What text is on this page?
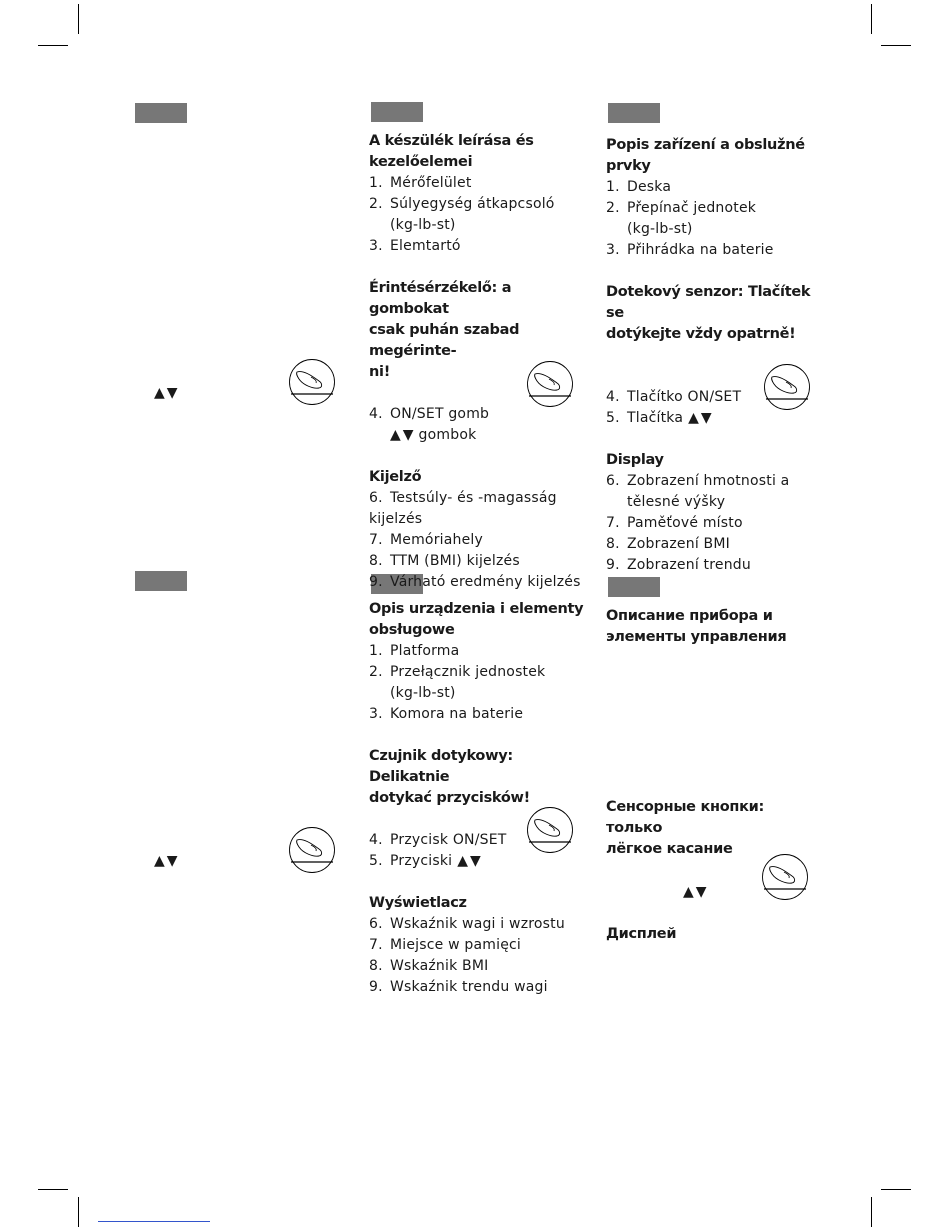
▲▼
▲▼
A készülék leírása és
kezelőelemei
1. Mérőfelület
2. Súlyegység átkapcsoló
(kg-lb-st)
3. Elemtartó
Érintésérzékelő: a gombokat
csak puhán szabad megérinte-
ni!
4. ON/SET gomb
▲▼ gombok
Kijelző
6. Testsúly- és -magasság
kijelzés
7. Memóriahely
8. TTM (BMI) kijelzés
9. Várható eredmény kijelzés
Popis zařízení a obslužné
prvky
1. Deska
2. Přepínač jednotek
(kg-lb-st)
3. Přihrádka na baterie
Dotekový senzor: Tlačítek se
dotýkejte vždy opatrně!
4. Tlačítko ON/SET
5. Tlačítka ▲▼
Display
6. Zobrazení hmotnosti a
tělesné výšky
7. Paměťové místo
8. Zobrazení BMI
9. Zobrazení trendu
Opis urządzenia i elementy
obsługowe
1. Platforma
2. Przełącznik jednostek
(kg-lb-st)
3. Komora na baterie
Czujnik dotykowy: Delikatnie
dotykać przycisków!
4. Przycisk ON/SET
5. Przyciski ▲▼
Wyświetlacz
6. Wskaźnik wagi i wzrostu
7. Miejsce w pamięci
8. Wskaźnik BMI
9. Wskaźnik trendu wagi
Описание прибора и
элементы управления
Сенсорные кнопки: только
лёгкое касание
▲▼
Дисплей
